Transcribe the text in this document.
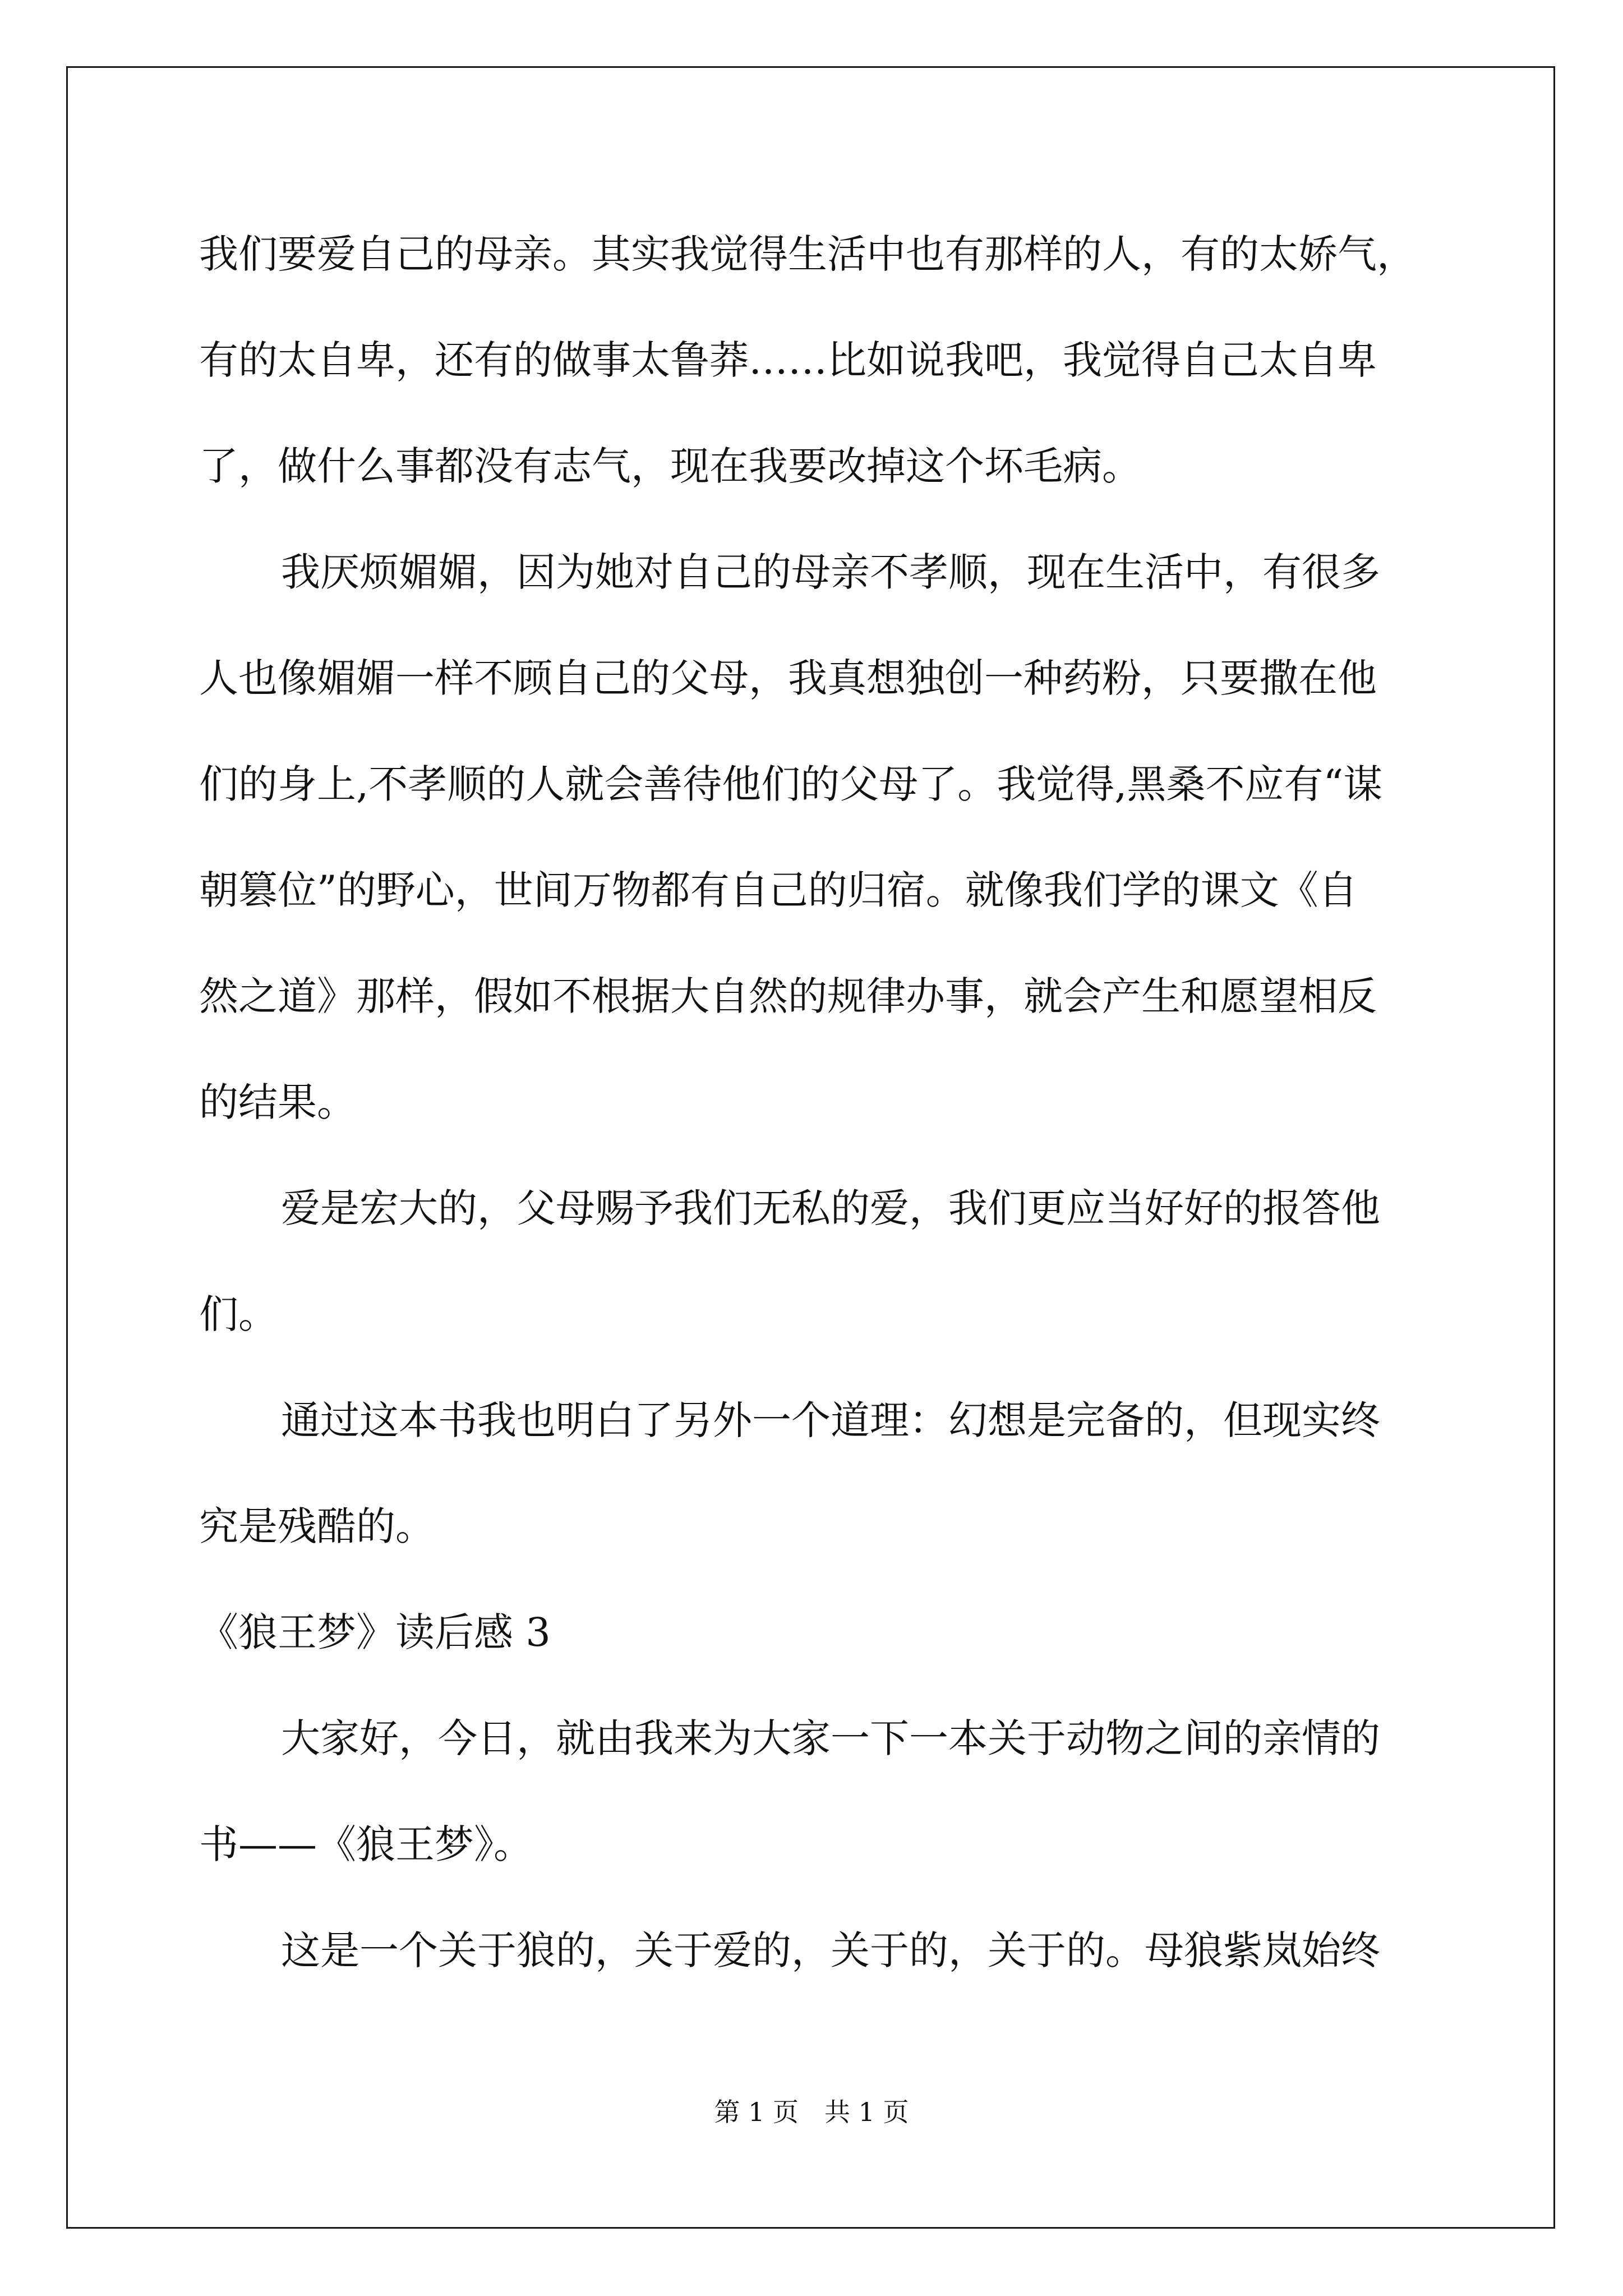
我们要爱自己的母亲。其实我觉得生活中也有那样的人，有的太娇气，
有的太自卑，还有的做事太鲁莽……比如说我吧，我觉得自己太自卑
了，做什么事都没有志气，现在我要改掉这个坏毛病。
我厌烦媚媚，因为她对自己的母亲不孝顺，现在生活中，有很多
人也像媚媚一样不顾自己的父母，我真想独创一种药粉，只要撒在他
们的身上,不孝顺的人就会善待他们的父母了。我觉得,黑桑不应有“谋
朝篡位”的野心，世间万物都有自己的归宿。就像我们学的课文《自
然之道》那样，假如不根据大自然的规律办事，就会产生和愿望相反
的结果。
爱是宏大的，父母赐予我们无私的爱，我们更应当好好的报答他
们。
通过这本书我也明白了另外一个道理：幻想是完备的，但现实终
究是残酷的。
《狼王梦》读后感 3
大家好，今日，就由我来为大家一下一本关于动物之间的亲情的
书——《狼王梦》。
这是一个关于狼的，关于爱的，关于的，关于的。母狼紫岚始终
第 1 页　共 1 页
